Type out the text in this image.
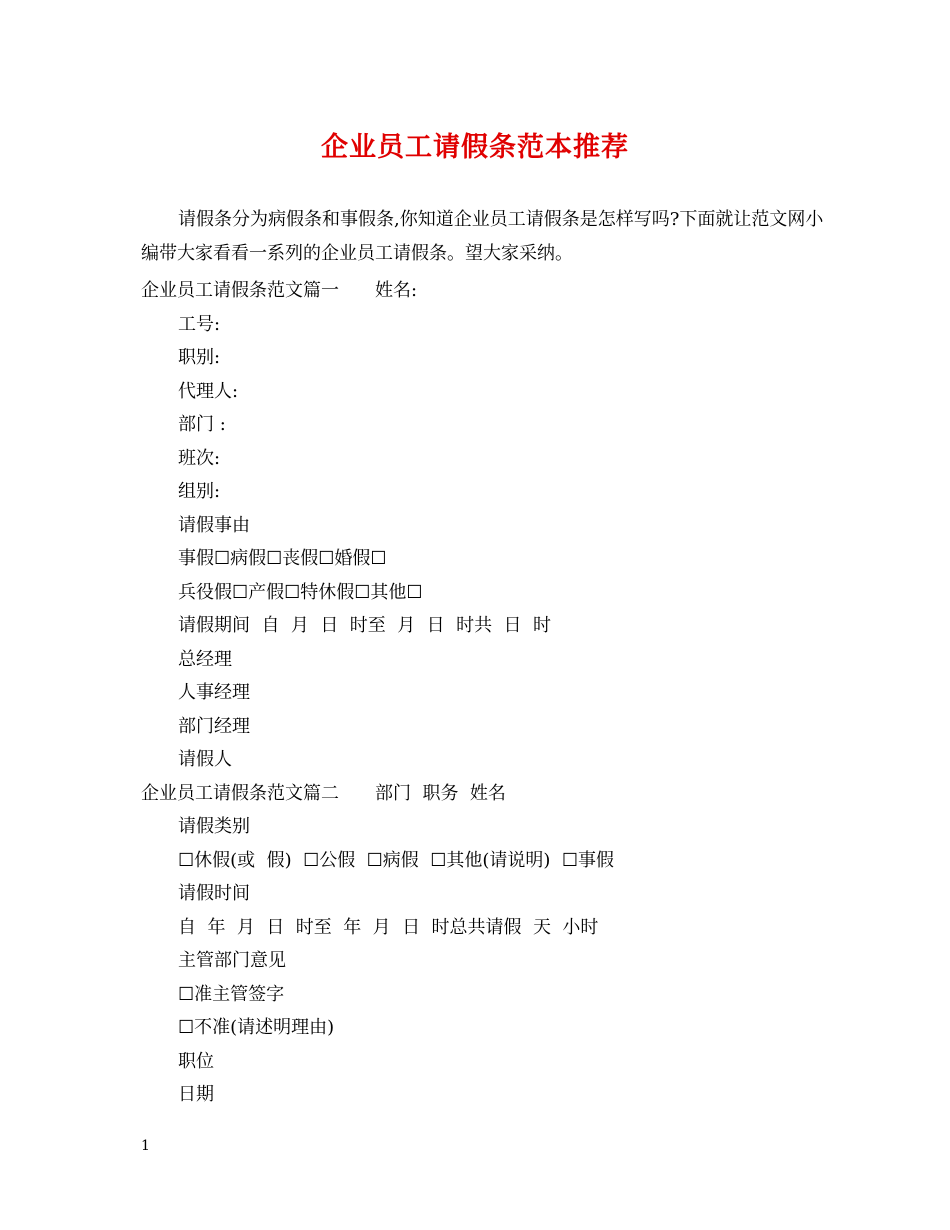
企业员工请假条范本推荐

请假条分为病假条和事假条,你知道企业员工请假条是怎样写吗?下面就让范文网小编带大家看看一系列的企业员工请假条。望大家采纳。

企业员工请假条范文篇一 姓名:
工号:
职别:
代理人:
部门 :
班次:
组别:
请假事由
事假☐病假☐丧假☐婚假☐
兵役假☐产假☐特休假☐其他☐
请假期间  自  月  日  时至  月  日  时共  日  时
总经理
人事经理
部门经理
请假人
企业员工请假条范文篇二 部门  职务  姓名
请假类别
☐休假(或  假)  ☐公假  ☐病假  ☐其他(请说明)  ☐事假
请假时间
自  年  月  日  时至  年  月  日  时总共请假  天  小时
主管部门意见
☐准主管签字
☐不准(请述明理由)
职位
日期
1
